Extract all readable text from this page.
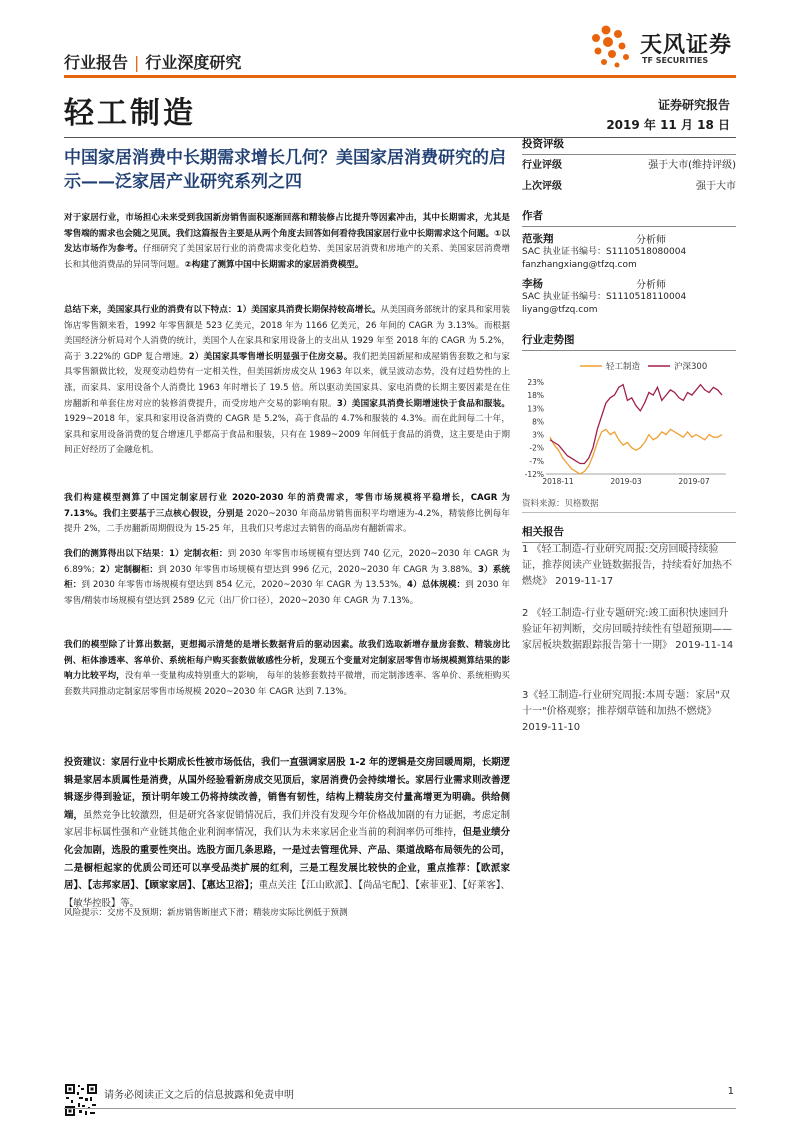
行业报告 | 行业深度研究
天风证券
TF SECURITIES
轻工制造	证券研究报告
2019 年 11 月 18 日
中国家居消费中长期需求增长几何？美国家居消费研究的启示——泛家居产业研究系列之四
对于家居行业，市场担心未来受到我国新房销售面积逐渐回落和精装修占比提升等因素冲击，其中长期需求，尤其是零售端的需求也会随之见顶。我们这篇报告主要是从两个角度去回答如何看待我国家居行业中长期需求这个问题。①以发达市场作为参考。仔细研究了美国家居行业的消费需求变化趋势、美国家居消费和房地产的关系、美国家居消费增长和其他消费品的异同等问题。②构建了测算中国中长期需求的家居消费模型。
总结下来，美国家具行业的消费有以下特点：1）美国家具消费长期保持较高增长。从美国商务部统计的家具和家用装饰店零售额来看，1992 年零售额是 523 亿美元，2018 年为 1166 亿美元，26 年间的 CAGR 为 3.13%。而根据美国经济分析局对个人消费的统计，美国个人在家具和家用设备上的支出从 1929 年至 2018 年的 CAGR 为 5.2%，高于 3.22%的 GDP 复合增速。2）美国家具零售增长明显强于住房交易。我们把美国新屋和成屋销售套数之和与家具零售额做比较，发现变动趋势有一定相关性，但美国新房成交从 1963 年以来，就呈波动态势，没有过趋势性的上涨，而家具、家用设备个人消费比 1963 年时增长了 19.5 倍。所以驱动美国家具、家电消费的长期主要因素是在住房翻新和单套住房对应的装修消费提升，而受房地产交易的影响有限。3）美国家具消费长期增速快于食品和服装。1929~2018 年，家具和家用设备消费的 CAGR 是 5.2%，高于食品的 4.7%和服装的 4.3%。而在此间每二十年，家具和家用设备消费的复合增速几乎都高于食品和服装，只有在 1989~2009 年间低于食品的消费，这主要是由于期间正好经历了金融危机。
我们构建模型测算了中国定制家居行业 2020-2030 年的消费需求，零售市场规模将平稳增长，CAGR 为 7.13%。我们主要基于三点核心假设，分别是 2020~2030 年商品房销售面积平均增速为-4.2%，精装修比例每年提升 2%，二手房翻新周期假设为 15-25 年，且我们只考虑过去销售的商品房有翻新需求。
我们的测算得出以下结果：1）定制衣柜：到 2030 年零售市场规模有望达到 740 亿元，2020~2030 年 CAGR 为 6.89%；2）定制橱柜：到 2030 年零售市场规模有望达到 996 亿元，2020~2030 年 CAGR 为 3.88%。3）系统柜：到 2030 年零售市场规模有望达到 854 亿元，2020~2030 年 CAGR 为 13.53%。4）总体规模：到 2030 年零售/精装市场规模有望达到 2589 亿元（出厂价口径），2020~2030 年 CAGR 为 7.13%。
我们的模型除了计算出数据，更想揭示清楚的是增长数据背后的驱动因素。故我们选取新增存量房套数、精装房比例、柜体渗透率、客单价、系统柜每户购买套数做敏感性分析，发现五个变量对定制家居零售市场规模测算结果的影响力比较平均，没有单一变量构成特别重大的影响， 每年的装修套数持平微增，而定制渗透率、客单价、系统柜购买套数共同推动定制家居零售市场规模 2020~2030 年 CAGR 达到 7.13%。
投资建议：家居行业中长期成长性被市场低估，我们一直强调家居股 1-2 年的逻辑是交房回暖周期，长期逻辑是家居本质属性是消费，从国外经验看新房成交见顶后，家居消费仍会持续增长。家居行业需求则改善逻辑逐步得到验证，预计明年竣工仍将持续改善，销售有韧性，结构上精装房交付量高增更为明确。供给侧端，虽然竞争比较激烈，但是研究各家促销情况后，我们并没有发现今年价格战加剧的有力证据，考虑定制家居非标属性强和产业链其他企业利润率情况，我们认为未来家居企业当前的利润率仍可维持，但是业绩分化会加剧，选股的重要性突出。选股方面几条思路，一是过去管理优异、产品、渠道战略布局领先的公司，二是橱柜起家的优质公司还可以享受品类扩展的红利，三是工程发展比较快的企业，重点推荐：【欧派家居】、【志邦家居】、【顾家家居】、【惠达卫浴】；重点关注【江山欧派】、【尚品宅配】、【索菲亚】、【好莱客】、【敏华控股】等。
风险提示：交房不及预期；新房销售断崖式下滑；精装房实际比例低于预测
投资评级
行业评级	强于大市(维持评级)
上次评级	强于大市
作者
范张翔	分析师
SAC 执业证书编号：S1110518080004
fanzhangxiang@tfzq.com
李杨	分析师
SAC 执业证书编号：S1110518110004
liyang@tfzq.com
行业走势图
轻工制造	沪深300
23%
18%
13%
8%
3%
-2%
-7%
-12%
2018-11	2019-03	2019-07
资料来源：贝格数据
相关报告
1 《轻工制造-行业研究周报:交房回暖持续验证，推荐阅读产业链数据报告，持续看好加热不燃烧》 2019-11-17
2 《轻工制造-行业专题研究:竣工面积快速回升验证年初判断，交房回暖持续性有望超预期——家居板块数据跟踪报告第十一期》 2019-11-14
3《轻工制造-行业研究周报:本周专题：家居"双十一"价格观察；推荐烟草链和加热不燃烧》 2019-11-10
请务必阅读正文之后的信息披露和免责申明	1
